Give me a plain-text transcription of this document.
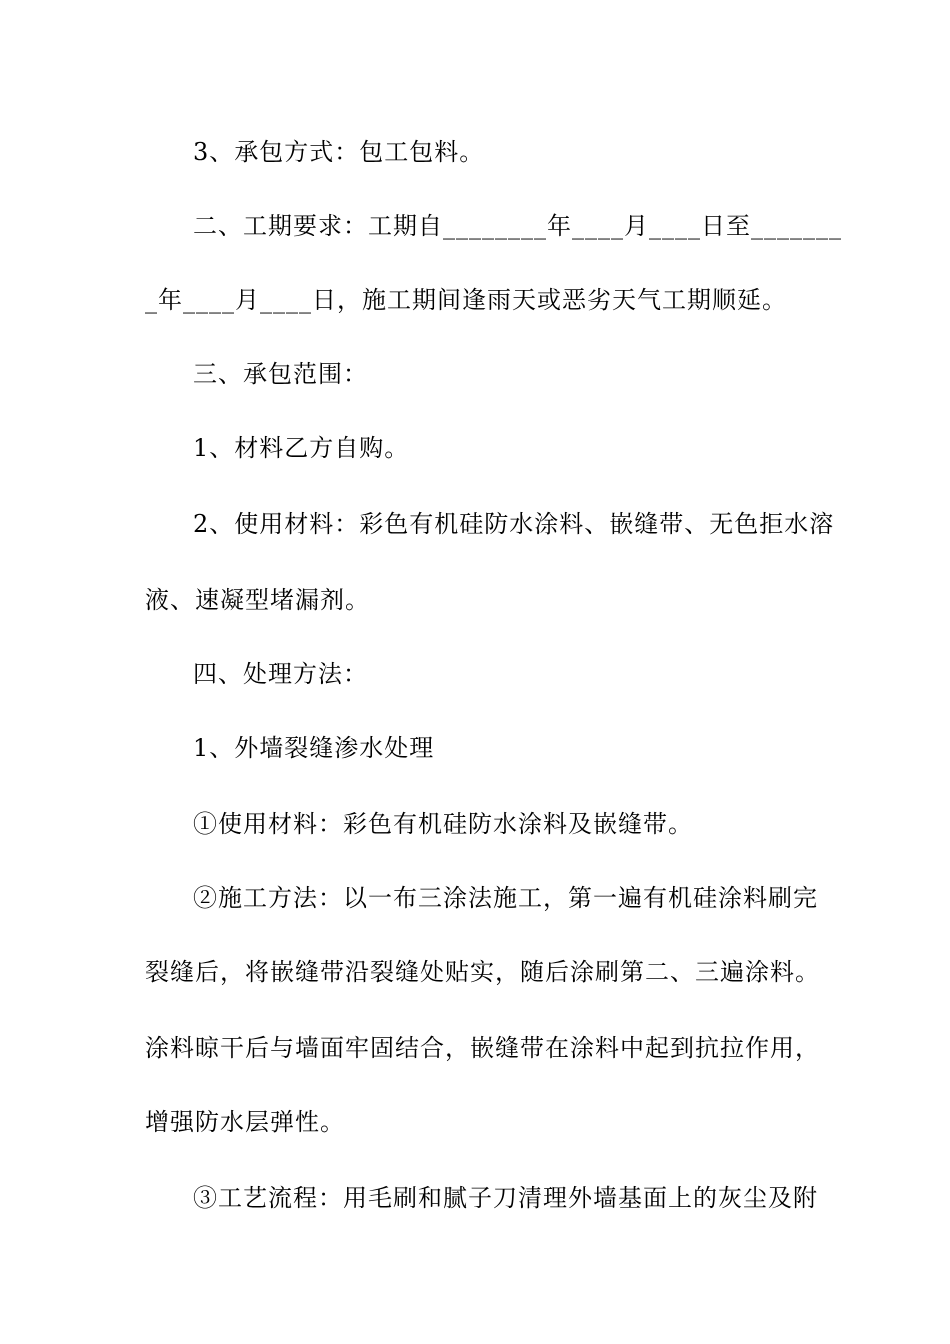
3、承包方式：包工包料。
二、工期要求：工期自________年____月____日至_______
_年____月____日，施工期间逢雨天或恶劣天气工期顺延。
三、承包范围：
1、材料乙方自购。
2、使用材料：彩色有机硅防水涂料、嵌缝带、无色拒水溶
液、速凝型堵漏剂。
四、处理方法：
1、外墙裂缝渗水处理
①使用材料：彩色有机硅防水涂料及嵌缝带。
②施工方法：以一布三涂法施工，第一遍有机硅涂料刷完
裂缝后，将嵌缝带沿裂缝处贴实，随后涂刷第二、三遍涂料。
涂料晾干后与墙面牢固结合，嵌缝带在涂料中起到抗拉作用，
增强防水层弹性。
③工艺流程：用毛刷和腻子刀清理外墙基面上的灰尘及附
